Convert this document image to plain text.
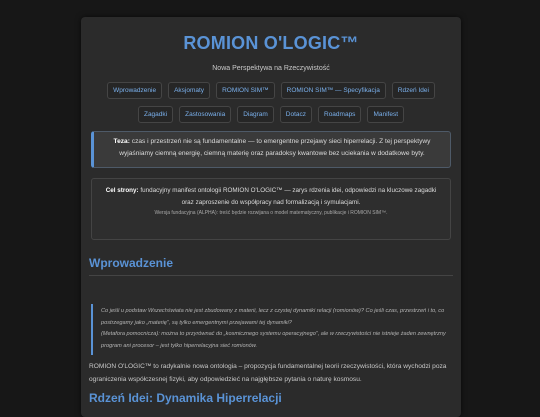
ROMION O'LOGIC™
Nowa Perspektywa na Rzeczywistość
Wprowadzenie	Aksjomaty	ROMION SIM™	ROMION SIM™ — Specyfikacja	Rdzeń Idei
Zagadki	Zastosowania	Diagram	Dotacz	Roadmaps	Manifest
Teza: czas i przestrzeń nie są fundamentalne — to emergentne przejawy sieci hiperrelacji. Z tej perspektywy wyjaśniamy ciemną energię, ciemną materię oraz paradoksy kwantowe bez uciekania w dodatkowe byty.
Cel strony: fundacyjny manifest ontologii ROMION O'LOGIC™ — zarys rdzenia idei, odpowiedzi na kluczowe zagadki oraz zaproszenie do współpracy nad formalizacją i symulacjami.
Wersja fundacyjna (ALPHA): treść będzie rozwijana o model matematyczny, publikacje i ROMION SIM™.
Wprowadzenie
Co jeśli u podstaw Wszechświata nie jest zbudowany z materii, lecz z czystej dynamiki relacji (romionów)? Co jeśli czas, przestrzeń i to, co postrzegamy jako „materię”, są tylko emergentnymi przejawami tej dynamiki?
(Metafora pomocnicza): można to przyrównać do „kosmicznego systemu operacyjnego”, ale w rzeczywistości nie istnieje żaden zewnętrzny program ani procesor – jest tylko hiperrelacyjna sieć romionów.
ROMION O'LOGIC™ to radykalnie nowa ontologia – propozycja fundamentalnej teorii rzeczywistości, która wychodzi poza ograniczenia współczesnej fizyki, aby odpowiedzieć na najgłębsze pytania o naturę kosmosu.
Rdzeń Idei: Dynamika Hiperrelacji
